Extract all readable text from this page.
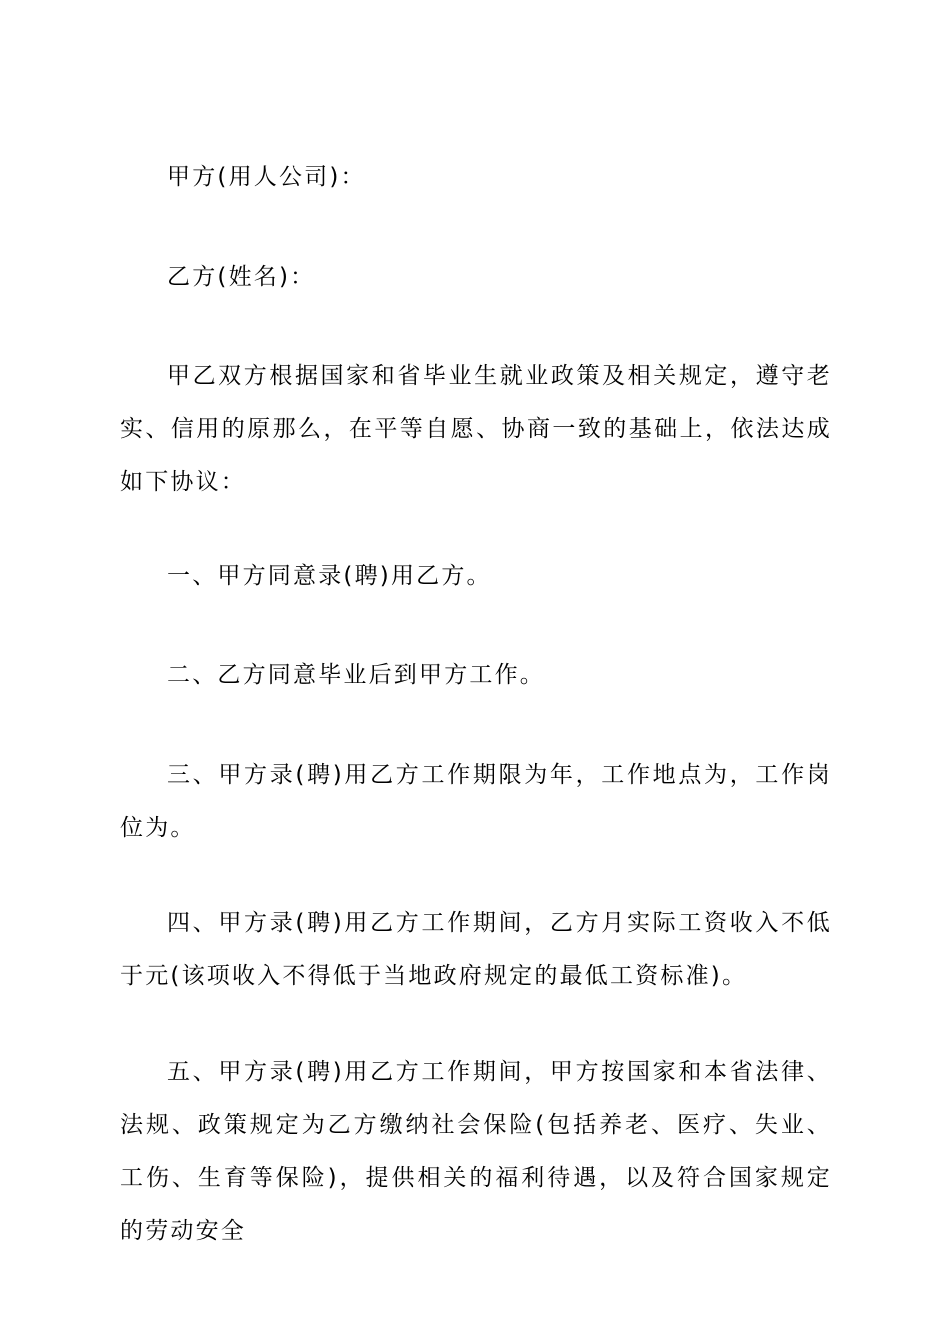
甲方(用人公司)：

乙方(姓名)：

甲乙双方根据国家和省毕业生就业政策及相关规定，遵守老实、信用的原那么，在平等自愿、协商一致的基础上，依法达成如下协议：

一、甲方同意录(聘)用乙方。

二、乙方同意毕业后到甲方工作。

三、甲方录(聘)用乙方工作期限为年，工作地点为，工作岗位为。

四、甲方录(聘)用乙方工作期间，乙方月实际工资收入不低于元(该项收入不得低于当地政府规定的最低工资标准)。

五、甲方录(聘)用乙方工作期间，甲方按国家和本省法律、法规、政策规定为乙方缴纳社会保险(包括养老、医疗、失业、工伤、生育等保险)，提供相关的福利待遇，以及符合国家规定的劳动安全
